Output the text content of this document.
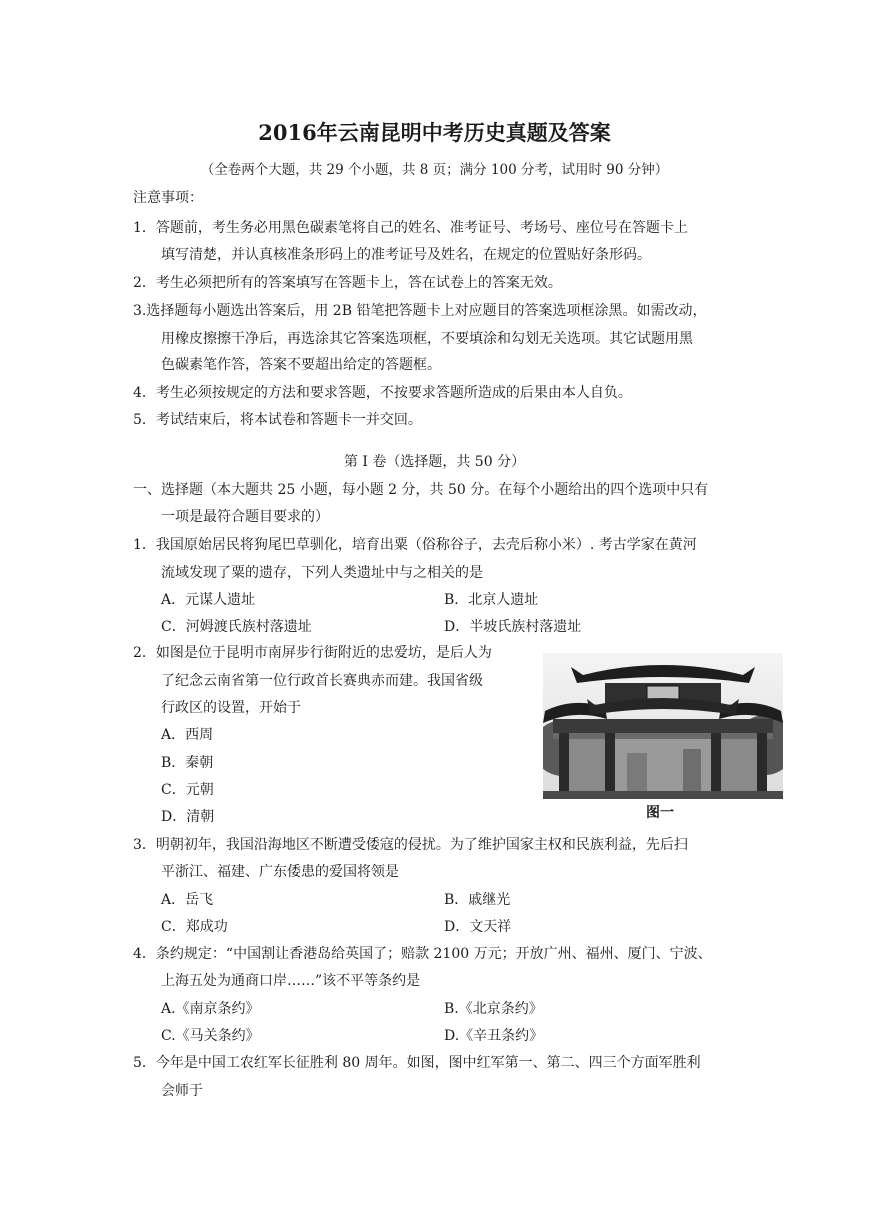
2016年云南昆明中考历史真题及答案
（全卷两个大题，共 29 个小题，共 8 页；满分 100 分考，试用时 90 分钟）
注意事项：
1．答题前，考生务必用黑色碳素笔将自己的姓名、准考证号、考场号、座位号在答题卡上
填写清楚，并认真核准条形码上的准考证号及姓名，在规定的位置贴好条形码。
2．考生必须把所有的答案填写在答题卡上，答在试卷上的答案无效。
3.选择题每小题选出答案后，用 2B 铅笔把答题卡上对应题目的答案选项框涂黑。如需改动，
用橡皮擦擦干净后，再选涂其它答案选项框，不要填涂和勾划无关选项。其它试题用黑
色碳素笔作答，答案不要超出给定的答题框。
4．考生必须按规定的方法和要求答题，不按要求答题所造成的后果由本人自负。
5．考试结束后，将本试卷和答题卡一并交回。
第 I 卷（选择题，共 50 分）
一、选择题（本大题共 25 小题，每小题 2 分，共 50 分。在每个小题给出的四个选项中只有
一项是最符合题目要求的）
1．我国原始居民将狗尾巴草驯化，培育出粟（俗称谷子，去壳后称小米）. 考古学家在黄河
流域发现了粟的遗存，下列人类遗址中与之相关的是
A．元谋人遗址	B．北京人遗址
C．河姆渡氏族村落遗址	D．半坡氏族村落遗址
2．如图是位于昆明市南屏步行街附近的忠爱坊，是后人为
了纪念云南省第一位行政首长赛典赤而建。我国省级
行政区的设置，开始于
A．西周
B．秦朝
C．元朝
D．清朝	图一
3．明朝初年，我国沿海地区不断遭受倭寇的侵扰。为了维护国家主权和民族利益，先后扫
平浙江、福建、广东倭患的爱国将领是
A．岳飞	B．戚继光
C．郑成功	D．文天祥
4．条约规定：“中国割让香港岛给英国了；赔款 2100 万元；开放广州、福州、厦门、宁波、
上海五处为通商口岸……”该不平等条约是
A.《南京条约》	B.《北京条约》
C.《马关条约》	D.《辛丑条约》
5．今年是中国工农红军长征胜利 80 周年。如图，图中红军第一、第二、四三个方面军胜利
会师于
